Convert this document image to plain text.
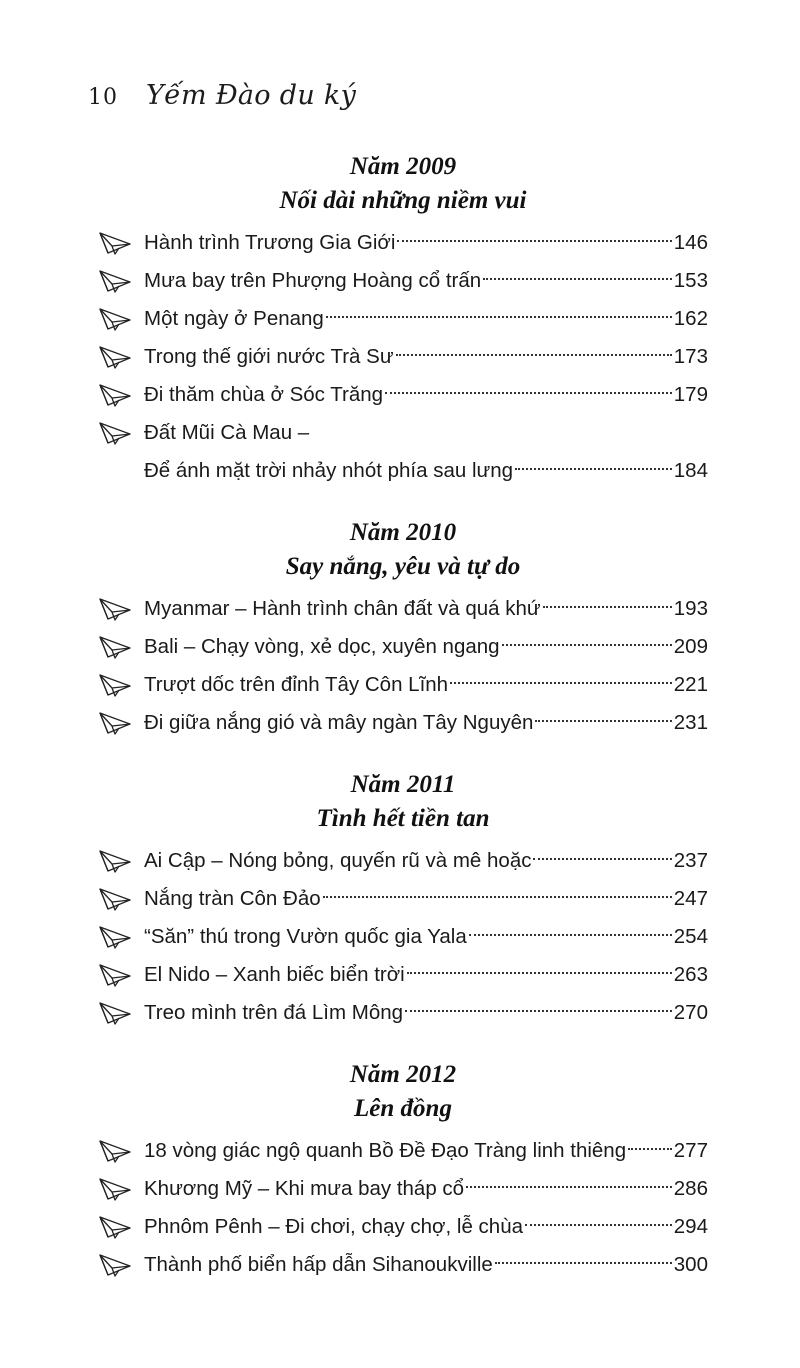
10	Yếm Đào du ký
Năm 2009
Nối dài những niềm vui
Hành trình Trương Gia Giới	146
Mưa bay trên Phượng Hoàng cổ trấn	153
Một ngày ở Penang	162
Trong thế giới nước Trà Sư	173
Đi thăm chùa ở Sóc Trăng	179
Đất Mũi Cà Mau –
Để ánh mặt trời nhảy nhót phía sau lưng	184
Năm 2010
Say nắng, yêu và tự do
Myanmar – Hành trình chân đất và quá khứ	193
Bali – Chạy vòng, xẻ dọc, xuyên ngang	209
Trượt dốc trên đỉnh Tây Côn Lĩnh	221
Đi giữa nắng gió và mây ngàn Tây Nguyên	231
Năm 2011
Tình hết tiền tan
Ai Cập – Nóng bỏng, quyến rũ và mê hoặc	237
Nắng tràn Côn Đảo	247
“Săn” thú trong Vườn quốc gia Yala	254
El Nido – Xanh biếc biển trời	263
Treo mình trên đá Lìm Mông	270
Năm 2012
Lên đồng
18 vòng giác ngộ quanh Bồ Đề Đạo Tràng linh thiêng 277
Khương Mỹ – Khi mưa bay tháp cổ	286
Phnôm Pênh – Đi chơi, chạy chợ, lễ chùa	294
Thành phố biển hấp dẫn Sihanoukville	300
